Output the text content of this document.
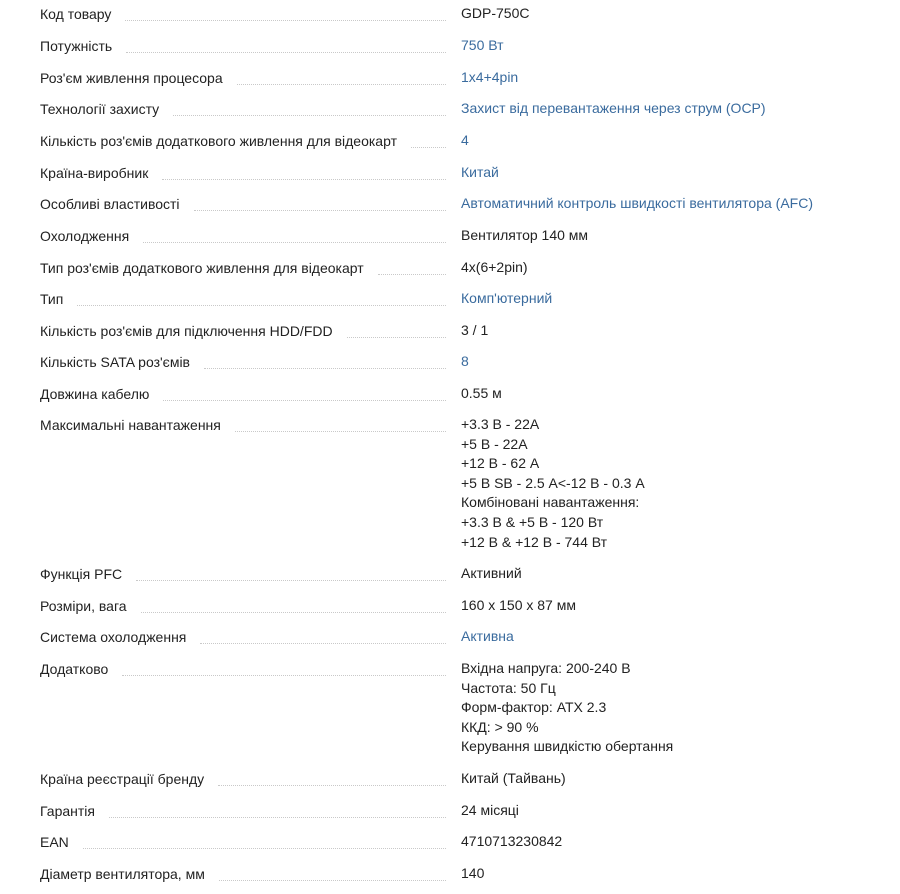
Код товару	GDP-750C
Потужність	750 Вт
Роз'єм живлення процесора	1x4+4pin
Технології захисту	Захист від перевантаження через струм (OCP)
Кількість роз'ємів додаткового живлення для відеокарт	4
Країна-виробник	Китай
Особливі властивості	Автоматичний контроль швидкості вентилятора (AFC)
Охолодження	Вентилятор 140 мм
Тип роз'ємів додаткового живлення для відеокарт	4x(6+2pin)
Тип	Комп'ютерний
Кількість роз'ємів для підключення HDD/FDD	3 / 1
Кількість SATA роз'ємів	8
Довжина кабелю	0.55 м
Максимальні навантаження	+3.3 В - 22А
+5 В - 22А
+12 В - 62 А
+5 В SB - 2.5 А<-12 В - 0.3 А
Комбіновані навантаження:
+3.3 В & +5 В - 120 Вт
+12 В & +12 В - 744 Вт
Функція PFC	Активний
Розміри, вага	160 x 150 x 87 мм
Система охолодження	Активна
Додатково	Вхідна напруга: 200-240 В
Частота: 50 Гц
Форм-фактор: ATX 2.3
ККД: > 90 %
Керування швидкістю обертання
Країна реєстрації бренду	Китай (Тайвань)
Гарантія	24 місяці
EAN	4710713230842
Діаметр вентилятора, мм	140
